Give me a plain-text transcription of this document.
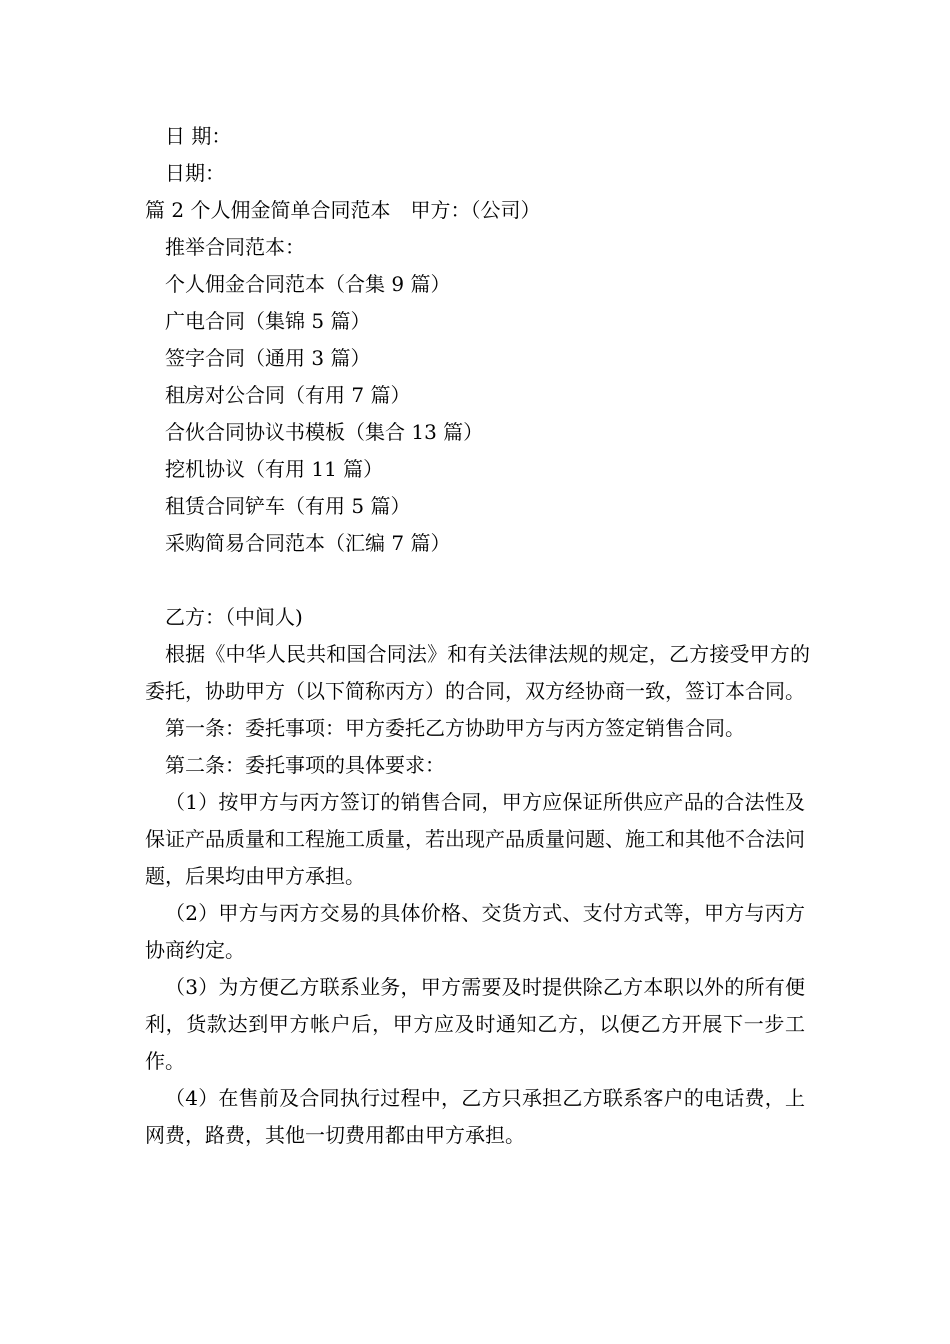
日 期：
日期：
篇 2 个人佣金简单合同范本　甲方：（公司）
推举合同范本：
个人佣金合同范本（合集 9 篇）
广电合同（集锦 5 篇）
签字合同（通用 3 篇）
租房对公合同（有用 7 篇）
合伙合同协议书模板（集合 13 篇）
挖机协议（有用 11 篇）
租赁合同铲车（有用 5 篇）
采购简易合同范本（汇编 7 篇）
乙方：（中间人)
根据《中华人民共和国合同法》和有关法律法规的规定，乙方接受甲方的委托，协助甲方（以下简称丙方）的合同，双方经协商一致，签订本合同。
第一条：委托事项：甲方委托乙方协助甲方与丙方签定销售合同。
第二条：委托事项的具体要求：
（1）按甲方与丙方签订的销售合同，甲方应保证所供应产品的合法性及保证产品质量和工程施工质量，若出现产品质量问题、施工和其他不合法问题，后果均由甲方承担。
（2）甲方与丙方交易的具体价格、交货方式、支付方式等，甲方与丙方协商约定。
（3）为方便乙方联系业务，甲方需要及时提供除乙方本职以外的所有便利，货款达到甲方帐户后，甲方应及时通知乙方，以便乙方开展下一步工作。
（4）在售前及合同执行过程中，乙方只承担乙方联系客户的电话费，上网费，路费，其他一切费用都由甲方承担。
